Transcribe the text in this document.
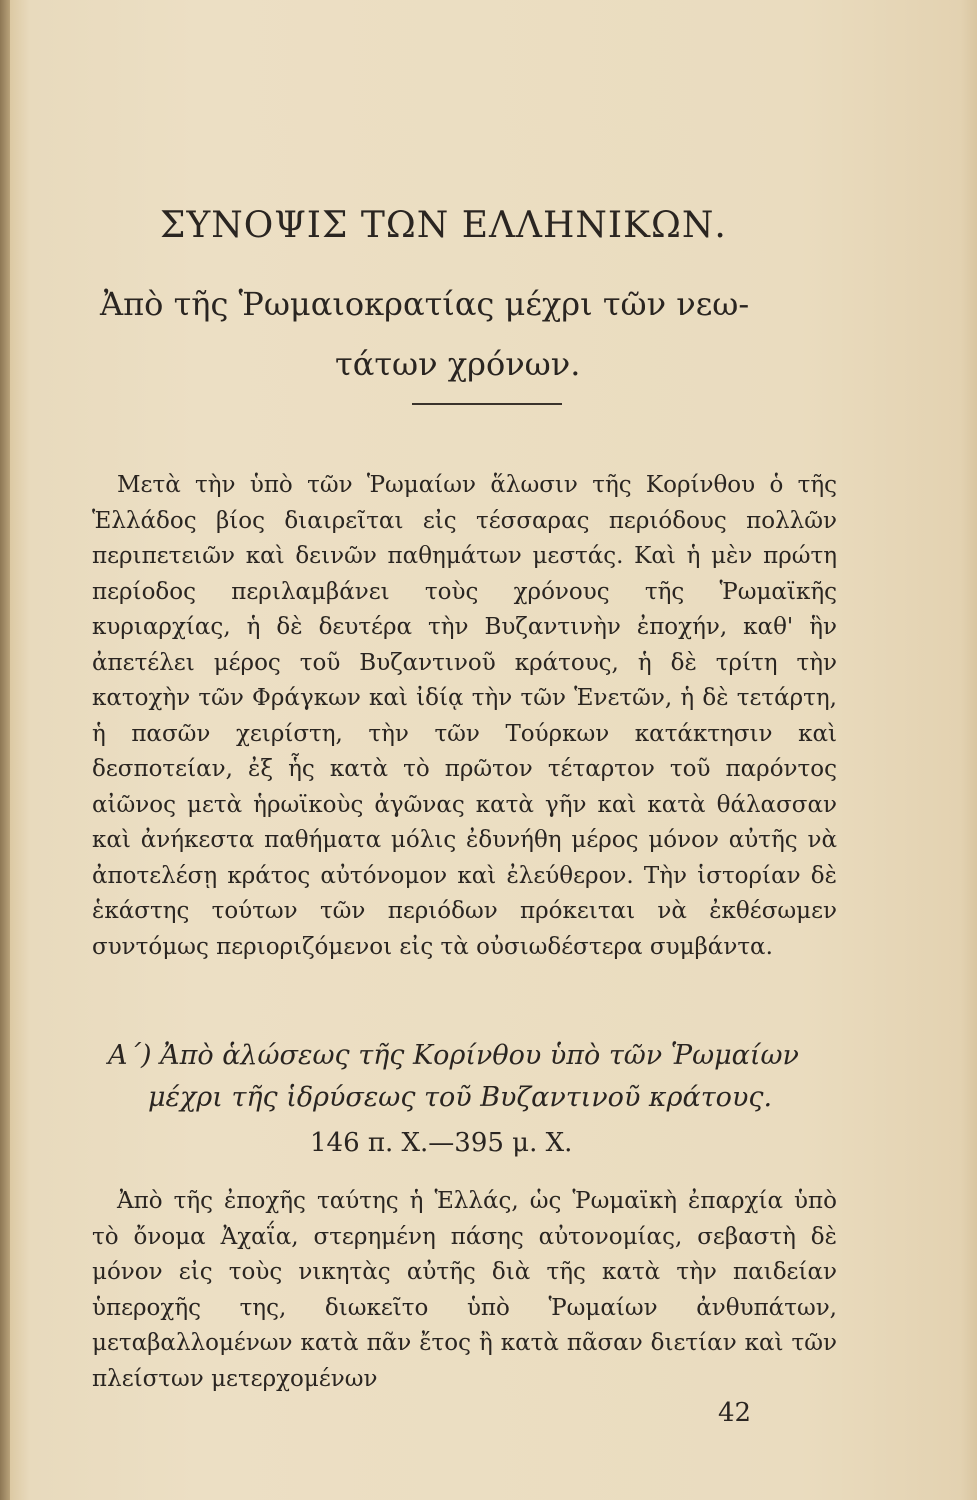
ΣΥΝΟΨΙΣ ΤΩΝ ΕΛΛΗΝΙΚΩΝ.

Ἀπὸ τῆς Ῥωμαιοκρατίας μέχρι τῶν νεω-

τάτων χρόνων.

Μετὰ τὴν ὑπὸ τῶν Ῥωμαίων ἅλωσιν τῆς Κορίνθου ὁ τῆς Ἑλλάδος βίος διαιρεῖται εἰς τέσσαρας περιόδους πολλῶν περιπετειῶν καὶ δεινῶν παθημάτων μεστάς. Καὶ ἡ μὲν πρώτη περίοδος περιλαμβάνει τοὺς χρόνους τῆς Ῥωμαϊκῆς κυριαρχίας, ἡ δὲ δευτέρα τὴν Βυζαντινὴν ἐποχήν, καθ' ἣν ἀπετέλει μέρος τοῦ Βυζαντινοῦ κράτους, ἡ δὲ τρίτη τὴν κατοχὴν τῶν Φράγκων καὶ ἰδίᾳ τὴν τῶν Ἑνετῶν, ἡ δὲ τετάρτη, ἡ πασῶν χειρίστη, τὴν τῶν Τούρκων κατάκτησιν καὶ δεσποτείαν, ἐξ ἧς κατὰ τὸ πρῶτον τέταρτον τοῦ παρόντος αἰῶνος μετὰ ἡρωϊκοὺς ἀγῶνας κατὰ γῆν καὶ κατὰ θάλασσαν καὶ ἀνήκεστα παθήματα μόλις ἐδυνήθη μέρος μόνον αὐτῆς νὰ ἀποτελέσῃ κράτος αὐτόνομον καὶ ἐλεύθερον. Τὴν ἱστορίαν δὲ ἑκάστης τούτων τῶν περιόδων πρόκειται νὰ ἐκθέσωμεν συντόμως περιοριζόμενοι εἰς τὰ οὐσιωδέστερα συμβάντα.

Α΄) Ἀπὸ ἁλώσεως τῆς Κορίνθου ὑπὸ τῶν Ῥωμαίων

μέχρι τῆς ἱδρύσεως τοῦ Βυζαντινοῦ κράτους.

146 π. Χ.—395 μ. Χ.

Ἀπὸ τῆς ἐποχῆς ταύτης ἡ Ἑλλάς, ὡς Ῥωμαϊκὴ ἐπαρχία ὑπὸ τὸ ὄνομα Ἀχαΐα, στερημένη πάσης αὐτονομίας, σεβαστὴ δὲ μόνον εἰς τοὺς νικητὰς αὐτῆς διὰ τῆς κατὰ τὴν παιδείαν ὑπεροχῆς της, διωκεῖτο ὑπὸ Ῥωμαίων ἀνθυπάτων, μεταβαλλομένων κατὰ πᾶν ἔτος ἢ κατὰ πᾶσαν διετίαν καὶ τῶν πλείστων μετερχομένων

42
